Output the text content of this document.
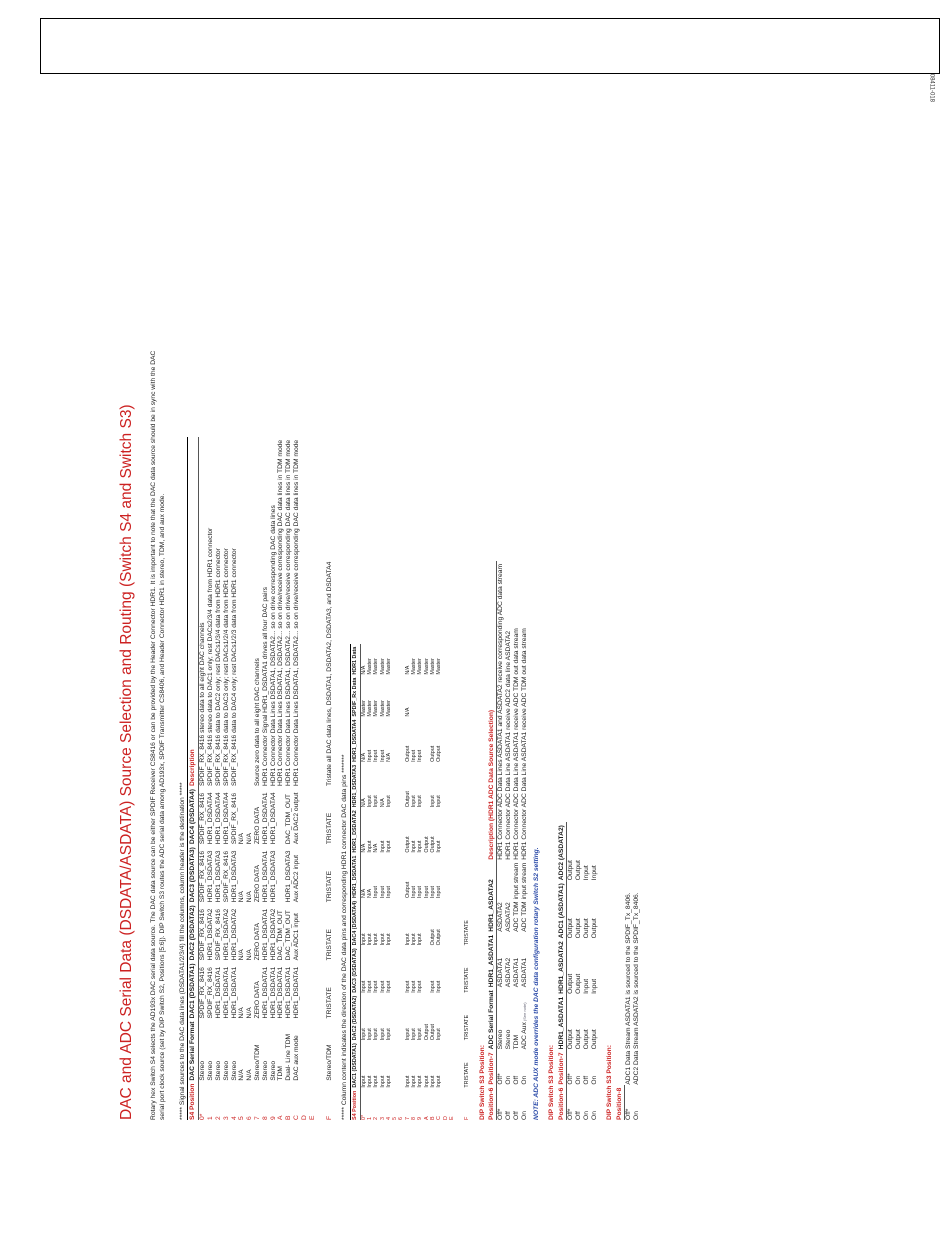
08411-018
DAC and ADC Serial Data (DSDATA/ASDATA) Source Selection and Routing (Switch S4 and Switch S3) Rotary hex Switch S4 selects the AD193x DAC serial data source. The DAC data source can be either SPDIF Receiver CS8416 or can be provided by the Header Connector HDR1. It is important to note that the DAC data source should be in sync with the DAC serial port clock source (set by DIP Switch S2, Positions [5:6]). DIP Switch S3 routes the ADC serial data among AD193x, SPDIF Transmitter CS8406, and Header Connector HDR1 in stereo, TDM, and aux mode. ***** Signal sources to the DAC data lines (DSDATA1/2/3/4) fill the columns, column header is the destination ***** S4 Position	DAC Serial Format	DAC1 (DSDATA1)	DAC2 (DSDATA2)	DAC3 (DSDATA3)	DAC4 (DSDATA4)	Description
0*	Stereo	SPDIF_RX_8416	SPDIF_RX_8416	SPDIF_RX_8416	SPDIF_RX_8416	SPDIF_RX_8416 stereo data to all eight DAC channels
1	Stereo	SPDIF_RX_8416	HDR1_DSDATA2	HDR1_DSDATA3	HDR1_DSDATA4	SPDIF_RX_8416 stereo data to DAC1 only; rest DACs2/3/4 data from HDR1 connector
2	Stereo	HDR1_DSDATA1	SPDIF_RX_8416	HDR1_DSDATA3	HDR1_DSDATA4	SPDIF_RX_8416 data to DAC2 only; rest DACs1/3/4 data from HDR1 connector
3	Stereo	HDR1_DSDATA1	HDR1_DSDATA2	SPDIF_RX_8416	HDR1_DSDATA4	SPDIF_RX_8416 data to DAC3 only; rest DACs1/2/4 data from HDR1 connector
4	Stereo	HDR1_DSDATA1	HDR1_DSDATA2	HDR1_DSDATA3	SPDIF_RX_8416	SPDIF_RX_8416 data to DAC4 only; rest DACs1/2/3 data from HDR1 connector
5	N/A	N/A	N/A	N/A	N/A	
6	N/A	N/A	N/A	N/A	N/A	
7	Stereo/TDM	ZERO DATA	ZERO DATA	ZERO DATA	ZERO DATA	Source zero data to all eight DAC channels
8	Stereo	HDR1_DSDATA1	HDR1_DSDATA1	HDR1_DSDATA1	HDR1_DSDATA1	HDR1 Connector Signal HDR1_DSDATA1 drives all four DAC pairs
9	Stereo	HDR1_DSDATA1	HDR1_DSDATA2	HDR1_DSDATA3	HDR1_DSDATA4	HDR1 Connector Data Lines DSDATA1, DSDATA2... so on drive corresponding DAC data lines
A	TDM	HDR1_DSDATA1	DAC_TDM_OUT			HDR1 Connector Data Lines DSDATA1, DSDATA2... so on drive/receive corresponding DAC data lines in TDM mode
B	Dual- Line TDM	HDR1_DSDATA1	DAC_TDM_OUT	HDR1_DSDATA3	DAC_TDM_OUT	HDR1 Connector Data Lines DSDATA1, DSDATA2... so on drive/receive corresponding DAC data lines in TDM mode
C	DAC aux mode	HDR1_DSDATA1	Aux ADC1 input	Aux ADC2 input	Aux DAC2 output	HDR1 Connector Data Lines DSDATA1, DSDATA2... so on drive/receive corresponding DAC data lines in TDM mode
D						
E						
F	Stereo/TDM	TRISTATE	TRISTATE	TRISTATE	TRISTATE	Tristate all DAC data lines, DSDATA1, DSDATA2, DSDATA3, and DSDATA4
***** Column content indicates the direction of the DAC data pins and corresponding HDR1 connector DAC data pins ******* S4 Position	DAC1 (DSDATA1)	DAC2 (DSDATA2)	DAC3 (DSDATA3)	DAC4 (DSDATA4)	HDR1_DSDATA1	HDR1_DSDATA2	HDR1_DSDATA3	HDR1_DSDATA4	SPDIF_Rx Data	HDR1 Data
0*	Input	Input	Input	Input	N/A	N/A	N/A	N/A	Master	N/A
1	Input	Input	Input	Input	N/A	Input	Input	Input	Master	Master
2	Input	Input	Input	Input	Input	N/A	Input	Input	Master	Master
3	Input	Input	Input	Input	Input	Input	N/A	Input	Master	Master
4	Input	Input	Input	Input	Input	Input	Input	N/A	Master	Master
5										
6										
7	Input	Input	Input	Input	Output	Output	Output	Output	N/A	N/A
8	Input	Input	Input	Input	Input	Input	Input	Input		Master
9	Input	Input	Input	Input	Input	Input	Input	Input		Master
A	Input	Output			Input	Output				Master
B	Input	Output	Input	Output	Input	Output	Input	Output		Master
C	Input	Input	Input	Output	Input	Input	Input	Output		Master
D										
E										
F	TRISTATE	TRISTATE	TRISTATE	TRISTATE						
DIP Switch S3 Position:
Position-6	Position-7	ADC Serial Format	HDR1_ASDATA1	HDR1_ASDATA2	Description (HDR1 ADC Data Source Selection)
Off*	Off*	Stereo	ASDATA1	ASDATA2	HDR1 Connector ADC Data Lines ASDATA1 and ASDATA2 receive corresponding ADC data stream
Off	On	Stereo	ASDATA2	ASDATA2	HDR1 Connector ADC Data Line ASDATA1 receive ADC2 data line ASDATA2
Off	Off	TDM	ASDATA1	ADC TDM input stream	HDR1 Connector ADC Data Line ASDATA1 receive ADC TDM out data stream
On	On	ADC Aux (See note)	ASDATA1	ADC TDM input stream	HDR1 Connector ADC Data Line ASDATA1 receive ADC TDM out data stream
NOTE: ADC AUX mode overrides the DAC data configuration rotary Switch S2 setting. DIP Switch S3 Position:
Position-6	Position-7	HDR1_ASDATA1	HDR1_ASDATA2	ADC1 (ASDATA1)	ADC2 (ASDATA2)
Off*	Off*	Output	Output	Output	Output
Off	On	Output	Output	Output	Output
On	Off	Output	Input	Output	Input
On	On	Output	Input	Output	Input
DIP Switch S3 Position:
Position-8	
Off*	ADC1 Data Stream ASDATA1 is sourced to the SPDIF_Tx_8406.
On	ADC2 Data Stream ASDATA2 is sourced to the SPDIF_Tx_8406.
